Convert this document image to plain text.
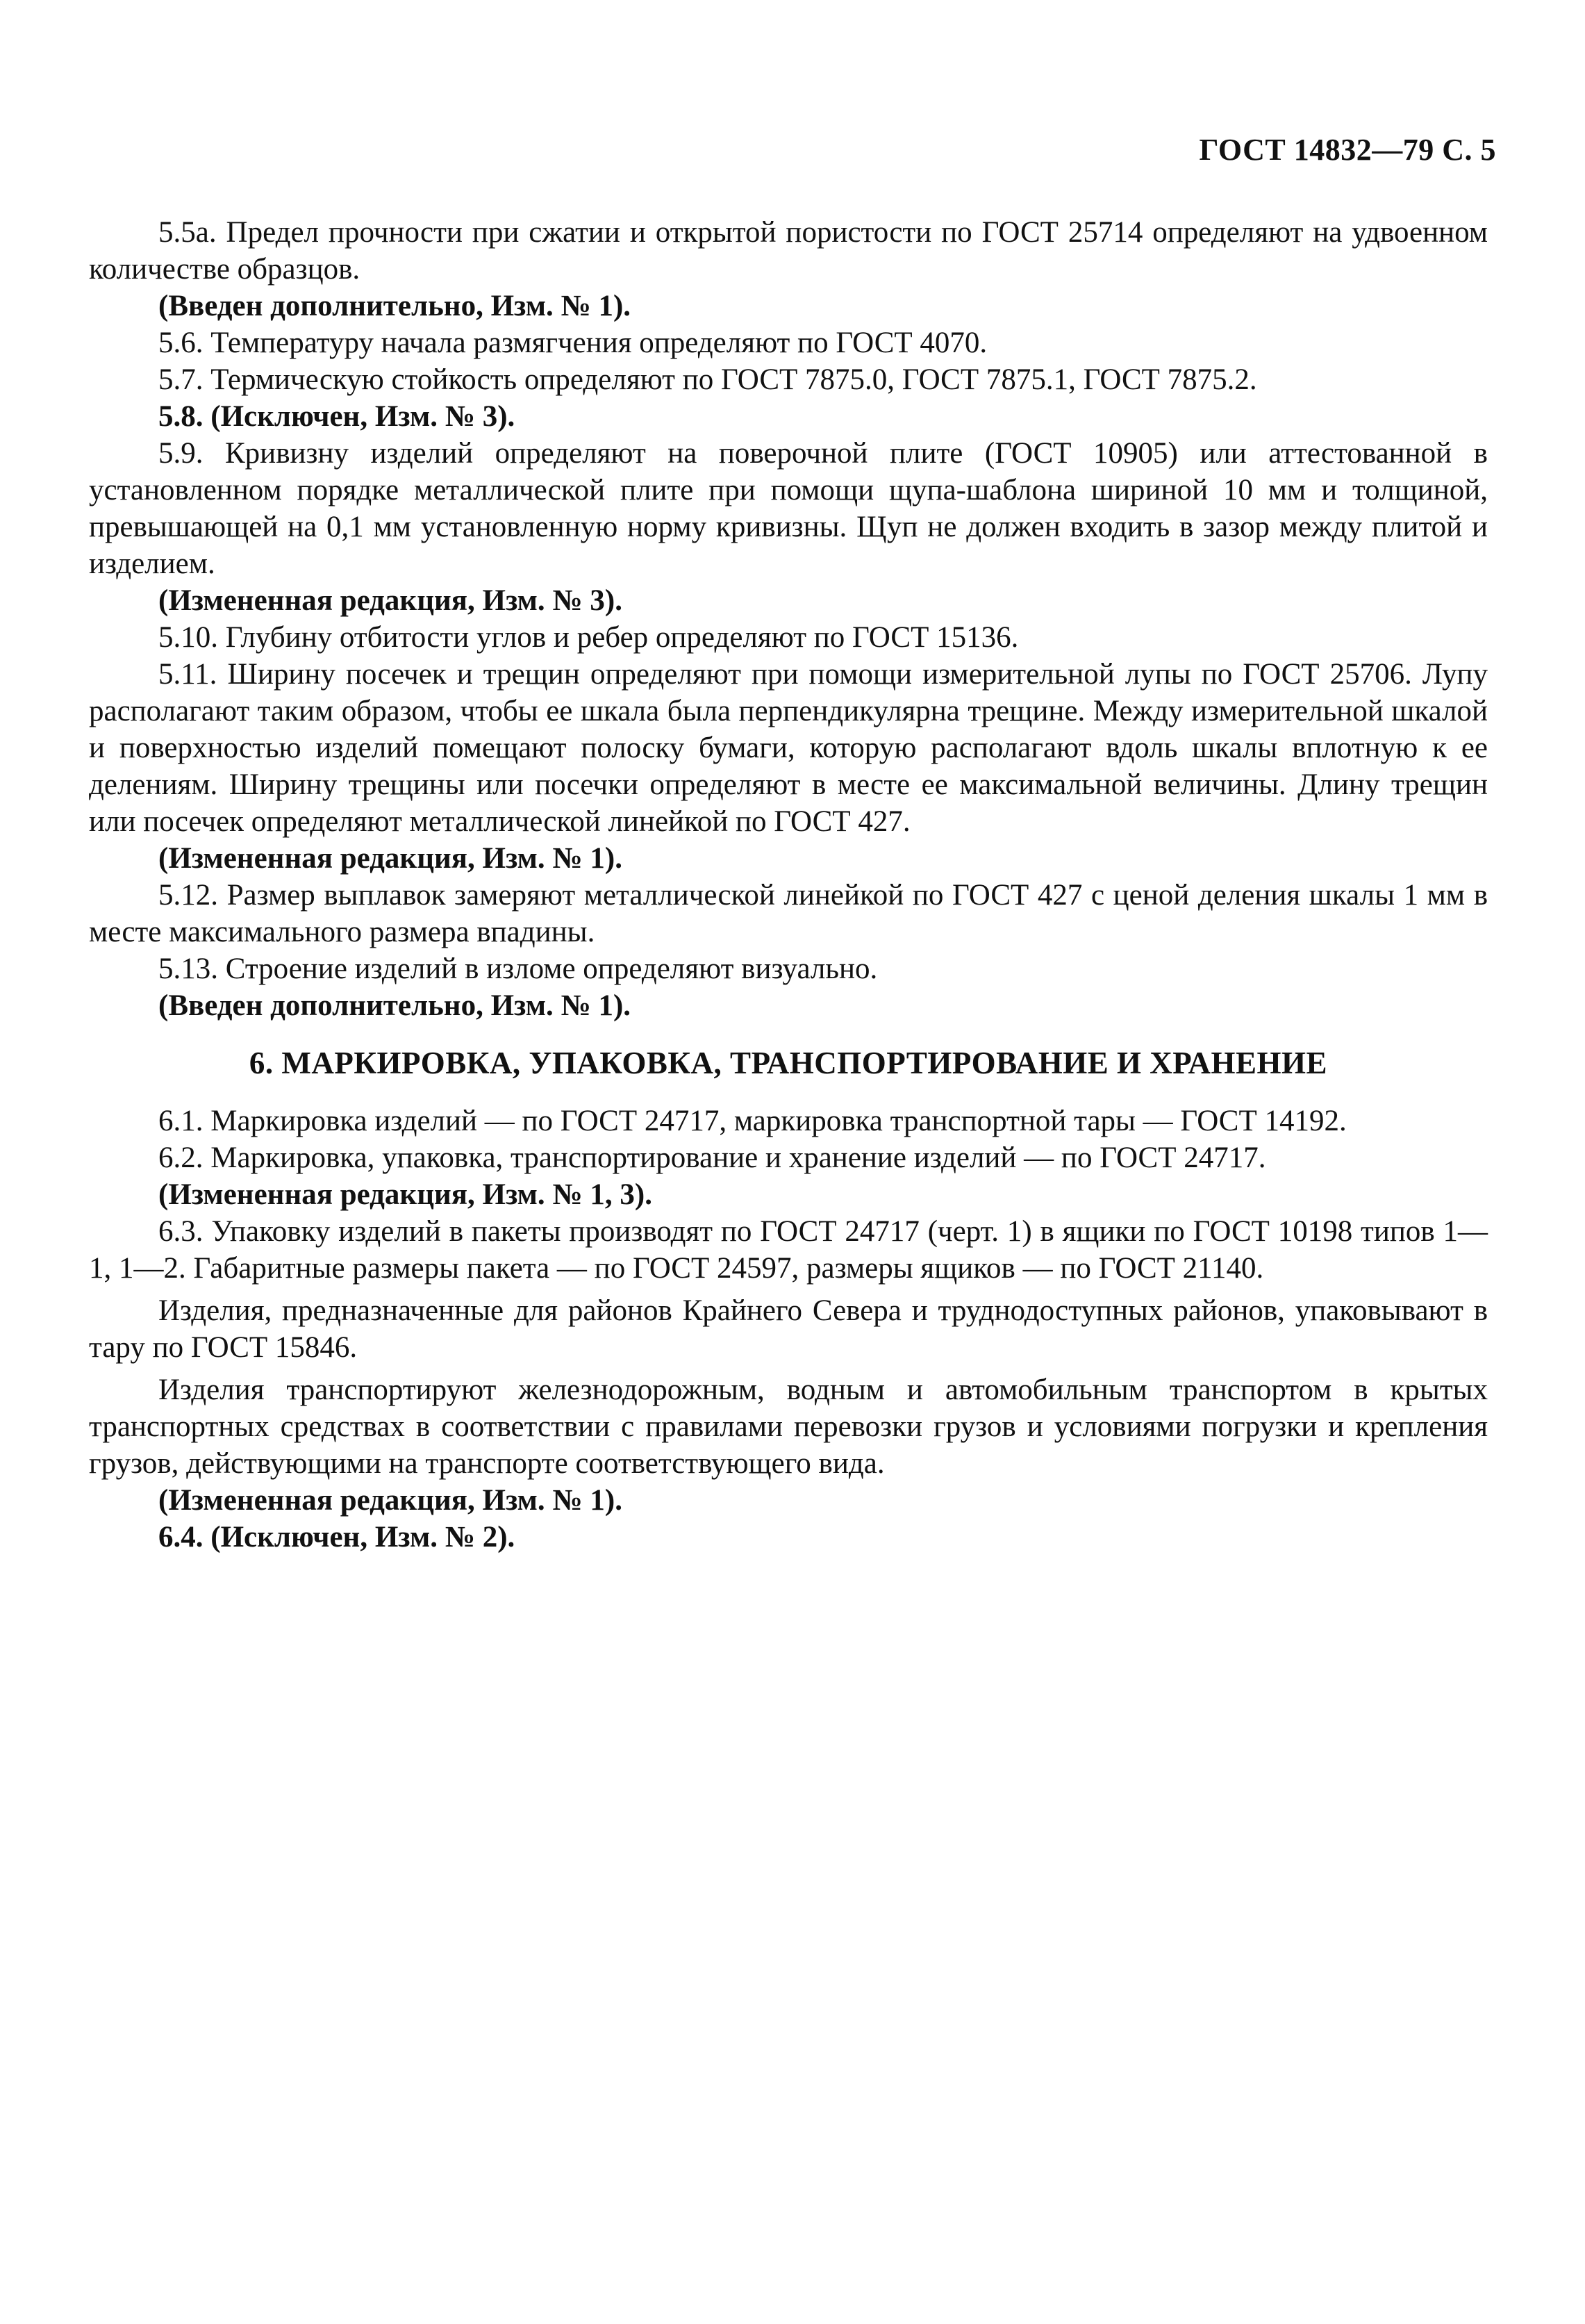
ГОСТ 14832—79 С. 5

5.5а. Предел прочности при сжатии и открытой пористости по ГОСТ 25714 определяют на удвоенном количестве образцов.

(Введен дополнительно, Изм. № 1).

5.6. Температуру начала размягчения определяют по ГОСТ 4070.

5.7. Термическую стойкость определяют по ГОСТ 7875.0, ГОСТ 7875.1, ГОСТ 7875.2.

5.8. (Исключен, Изм. № 3).

5.9. Кривизну изделий определяют на поверочной плите (ГОСТ 10905) или аттестованной в установленном порядке металлической плите при помощи щупа-шаблона шириной 10 мм и толщиной, превышающей на 0,1 мм установленную норму кривизны. Щуп не должен входить в зазор между плитой и изделием.

(Измененная редакция, Изм. № 3).

5.10. Глубину отбитости углов и ребер определяют по ГОСТ 15136.

5.11. Ширину посечек и трещин определяют при помощи измерительной лупы по ГОСТ 25706. Лупу располагают таким образом, чтобы ее шкала была перпендикулярна трещине. Между измерительной шкалой и поверхностью изделий помещают полоску бумаги, которую располагают вдоль шкалы вплотную к ее делениям. Ширину трещины или посечки определяют в месте ее максимальной величины. Длину трещин или посечек определяют металлической линейкой по ГОСТ 427.

(Измененная редакция, Изм. № 1).

5.12. Размер выплавок замеряют металлической линейкой по ГОСТ 427 с ценой деления шкалы 1 мм в месте максимального размера впадины.

5.13. Строение изделий в изломе определяют визуально.

(Введен дополнительно, Изм. № 1).

6. МАРКИРОВКА, УПАКОВКА, ТРАНСПОРТИРОВАНИЕ И ХРАНЕНИЕ

6.1. Маркировка изделий — по ГОСТ 24717, маркировка транспортной тары — ГОСТ 14192.

6.2. Маркировка, упаковка, транспортирование и хранение изделий — по ГОСТ 24717.

(Измененная редакция, Изм. № 1, 3).

6.3. Упаковку изделий в пакеты производят по ГОСТ 24717 (черт. 1) в ящики по ГОСТ 10198 типов 1—1, 1—2. Габаритные размеры пакета — по ГОСТ 24597, размеры ящиков — по ГОСТ 21140.

Изделия, предназначенные для районов Крайнего Севера и труднодоступных районов, упаковывают в тару по ГОСТ 15846.

Изделия транспортируют железнодорожным, водным и автомобильным транспортом в крытых транспортных средствах в соответствии с правилами перевозки грузов и условиями погрузки и крепления грузов, действующими на транспорте соответствующего вида.

(Измененная редакция, Изм. № 1).

6.4. (Исключен, Изм. № 2).
